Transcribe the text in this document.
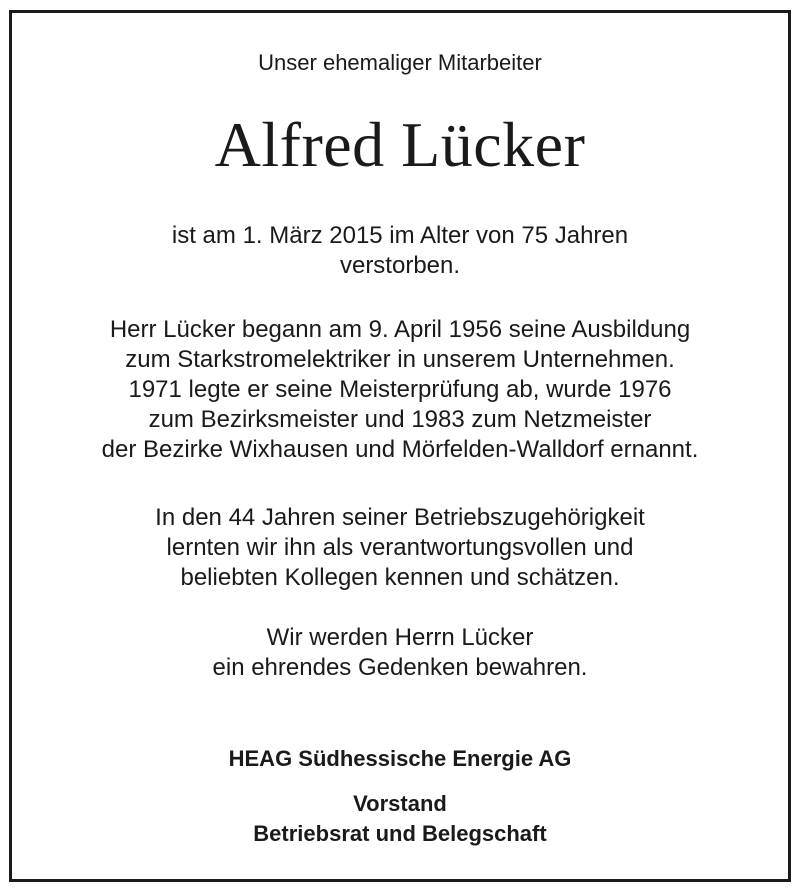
Unser ehemaliger Mitarbeiter
Alfred Lücker
ist am 1. März 2015 im Alter von 75 Jahren
verstorben.
Herr Lücker begann am 9. April 1956 seine Ausbildung
zum Starkstromelektriker in unserem Unternehmen.
1971 legte er seine Meisterprüfung ab, wurde 1976
zum Bezirksmeister und 1983 zum Netzmeister
der Bezirke Wixhausen und Mörfelden-Walldorf ernannt.
In den 44 Jahren seiner Betriebszugehörigkeit
lernten wir ihn als verantwortungsvollen und
beliebten Kollegen kennen und schätzen.
Wir werden Herrn Lücker
ein ehrendes Gedenken bewahren.
HEAG Südhessische Energie AG
Vorstand
Betriebsrat und Belegschaft
